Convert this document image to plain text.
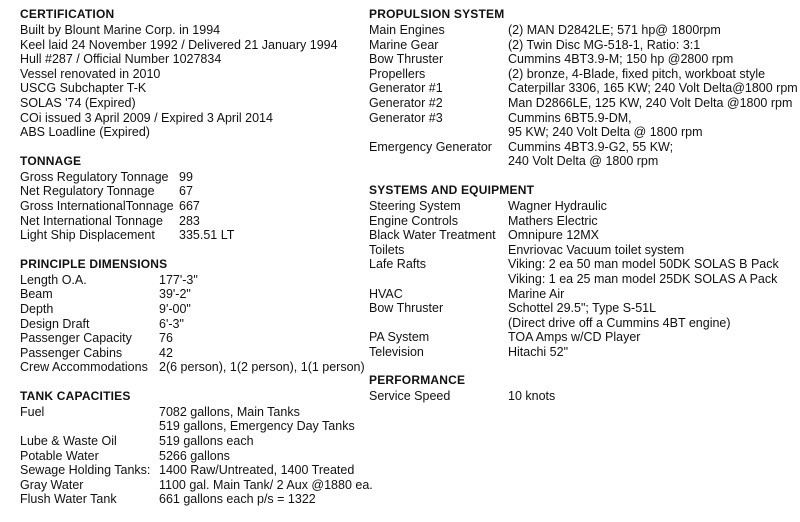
CERTIFICATION
Built by Blount Marine Corp. in 1994
Keel laid 24 November 1992 / Delivered 21 January 1994
Hull #287 / Official Number 1027834
Vessel renovated in 2010
USCG Subchapter T-K
SOLAS '74 (Expired)
COi issued 3 April 2009 / Expired 3 April 2014
ABS Loadline (Expired)
TONNAGE
Gross Regulatory Tonnage 99
Net Regulatory Tonnage	67
Gross InternationalTonnage 667
Net International Tonnage	283
Light Ship Displacement	335.51 LT
PRINCIPLE DIMENSIONS
Length O.A.	177'-3"
Beam	39'-2"
Depth	9'-00"
Design Draft	6'-3"
Passenger Capacity	76
Passenger Cabins	42
Crew Accommodations 2(6 person), 1(2 person), 1(1 person)
TANK CAPACITIES
Fuel	7082 gallons, Main Tanks
519 gallons, Emergency Day Tanks
Lube & Waste Oil	519 gallons each
Potable Water	5266 gallons
Sewage Holding Tanks: 1400 Raw/Untreated, 1400 Treated
Gray Water	1100 gal. Main Tank/ 2 Aux @1880 ea.
Flush Water Tank	661 gallons each p/s = 1322
PROPULSION SYSTEM
Main Engines	(2) MAN D2842LE; 571 hp@ 1800rpm
Marine Gear	(2) Twin Disc MG-518-1, Ratio: 3:1
Bow Thruster	Cummins 4BT3.9-M; 150 hp @2800 rpm
Propellers	(2) bronze, 4-Blade, fixed pitch, workboat style
Generator #1	Caterpillar 3306, 165 KW; 240 Volt Delta@1800 rpm
Generator #2	Man D2866LE, 125 KW, 240 Volt Delta @1800 rpm
Generator #3	Cummins 6BT5.9-DM,
95 KW; 240 Volt Delta @ 1800 rpm
Emergency Generator	Cummins 4BT3.9-G2, 55 KW;
240 Volt Delta @ 1800 rpm
SYSTEMS AND EQUIPMENT
Steering System	Wagner Hydraulic
Engine Controls	Mathers Electric
Black Water Treatment Omnipure 12MX
Toilets	Envriovac Vacuum toilet system
Lafe Rafts	Viking: 2 ea 50 man model 50DK SOLAS B Pack
Viking: 1 ea 25 man model 25DK SOLAS A Pack
HVAC	Marine Air
Bow Thruster	Schottel 29.5"; Type S-51L
(Direct drive off a Cummins 4BT engine)
PA System	TOA Amps w/CD Player
Television	Hitachi 52"
PERFORMANCE
Service Speed	10 knots
